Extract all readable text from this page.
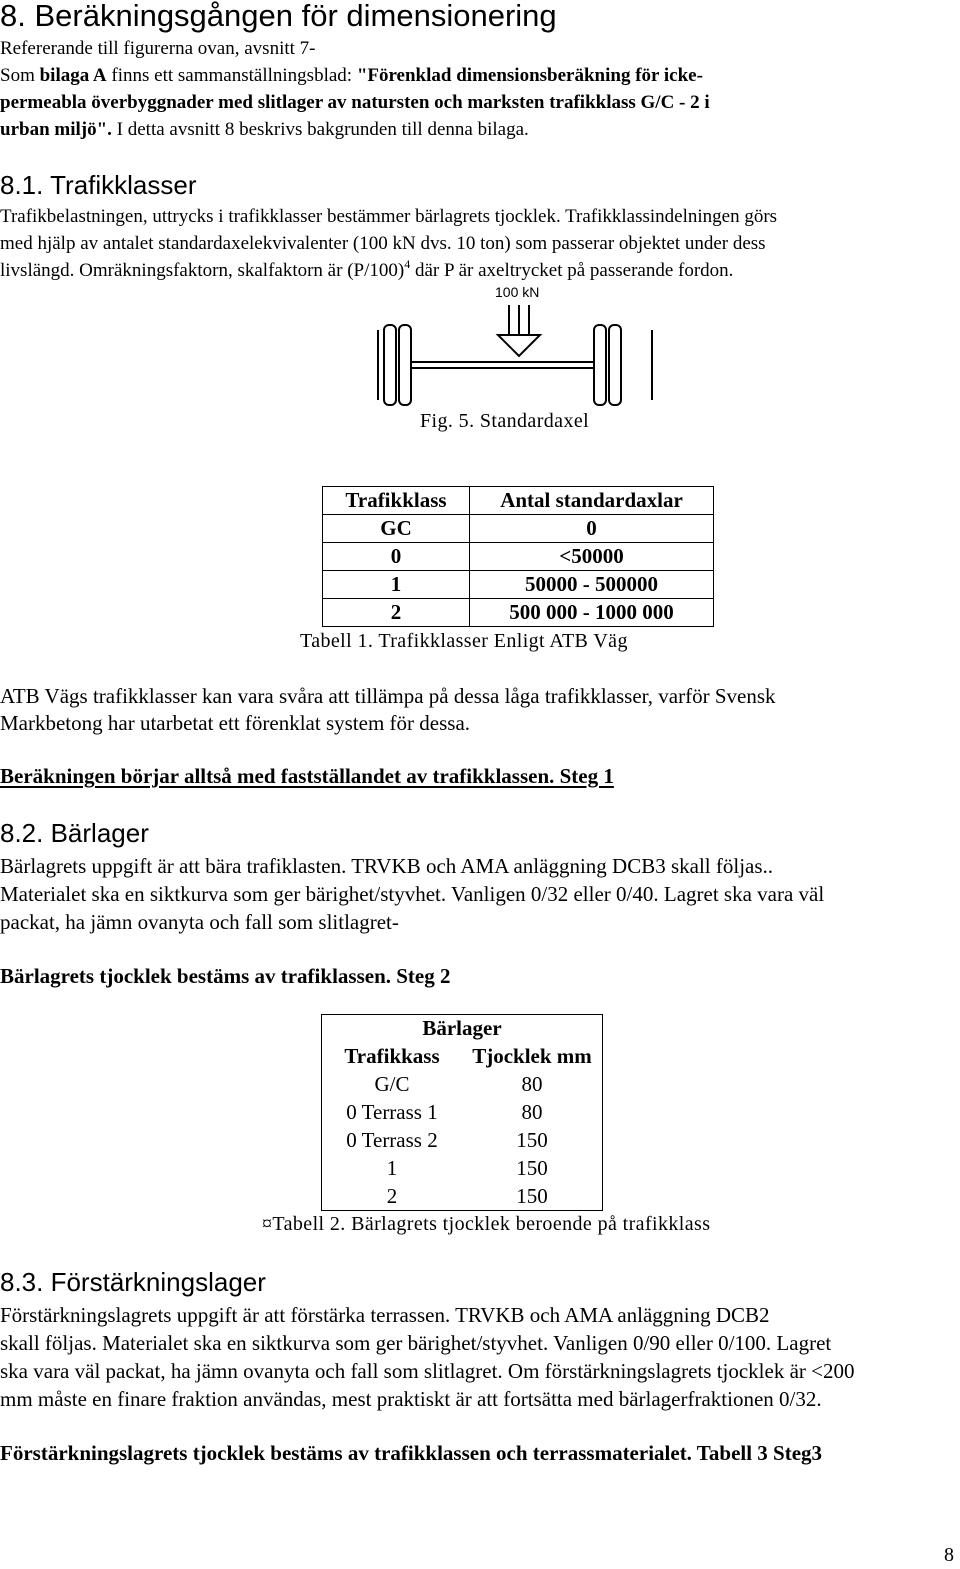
8. Beräkningsgången för dimensionering
Refererande till figurerna ovan, avsnitt 7-
Som bilaga A finns ett sammanställningsblad: "Förenklad dimensionsberäkning för icke-
permeabla överbyggnader med slitlager av natursten och marksten trafikklass G/C - 2 i
urban miljö". I detta avsnitt 8 beskrivs bakgrunden till denna bilaga.
8.1. Trafikklasser
Trafikbelastningen, uttrycks i trafikklasser bestämmer bärlagrets tjocklek. Trafikklassindelningen görs
med hjälp av antalet standardaxelekvivalenter (100 kN dvs. 10 ton) som passerar objektet under dess
livslängd. Omräkningsfaktorn, skalfaktorn är $(P/100)^4$ där P är axeltrycket på passerande fordon.
100 kN
Fig. 5. Standardaxel
Trafikklass	Antal standardaxlar
GC	0
0	<50000
1	50000 - 500000
2	500 000 - 1000 000
Tabell 1. Trafikklasser Enligt ATB Väg
ATB Vägs trafikklasser kan vara svåra att tillämpa på dessa låga trafikklasser, varför Svensk
Markbetong har utarbetat ett förenklat system för dessa.
Beräkningen börjar alltså med fastställandet av trafikklassen. Steg 1
8.2. Bärlager
Bärlagrets uppgift är att bära trafiklasten. TRVKB och AMA anläggning DCB3 skall följas..
Materialet ska en siktkurva som ger bärighet/styvhet. Vanligen 0/32 eller 0/40. Lagret ska vara väl
packat, ha jämn ovanyta och fall som slitlagret-
Bärlagrets tjocklek bestäms av trafiklassen. Steg 2
Bärlager	
Trafikkass	Tjocklek mm
G/C	80
0 Terrass 1	80
0 Terrass 2	150
1	150
2	150
¤Tabell 2. Bärlagrets tjocklek beroende på trafikklass
8.3. Förstärkningslager
Förstärkningslagrets uppgift är att förstärka terrassen. TRVKB och AMA anläggning DCB2
skall följas. Materialet ska en siktkurva som ger bärighet/styvhet. Vanligen 0/90 eller 0/100. Lagret
ska vara väl packat, ha jämn ovanyta och fall som slitlagret. Om förstärkningslagrets tjocklek är <200
mm måste en finare fraktion användas, mest praktiskt är att fortsätta med bärlagerfraktionen 0/32.
Förstärkningslagrets tjocklek bestäms av trafikklassen och terrassmaterialet. Tabell 3 Steg3
8
